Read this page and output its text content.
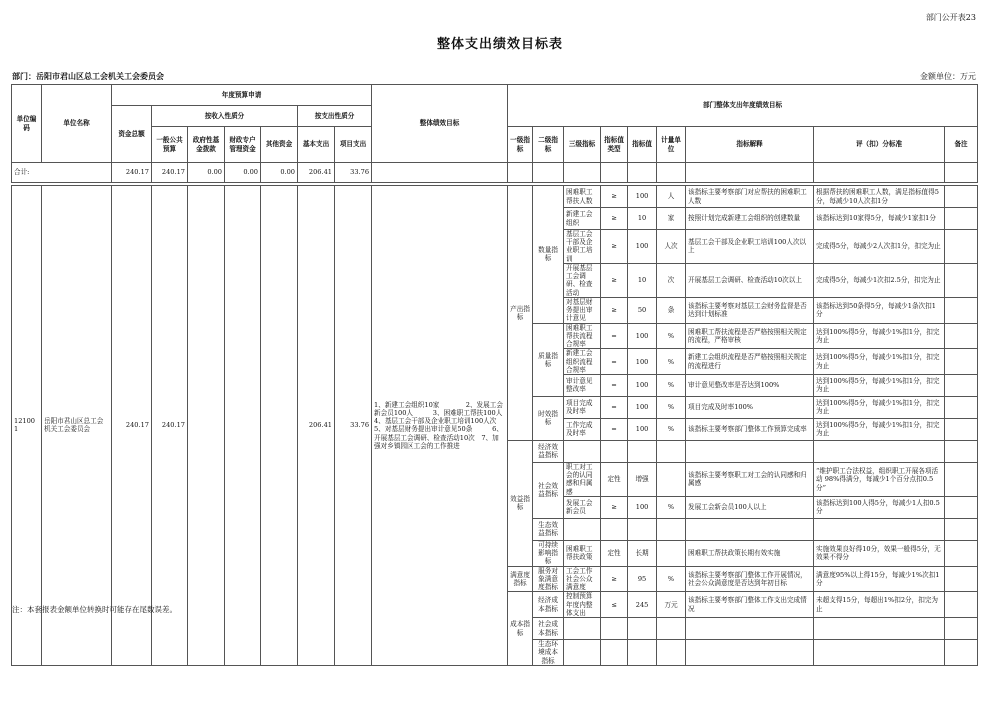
部门公开表23
整体支出绩效目标表
部门：岳阳市君山区总工会机关工会委员会	金额单位：万元
单位编码	单位名称	年度预算申请							整体绩效目标	部门整体支出年度绩效目标								
		资金总额	按收入性质分				按支出性质分											
			一般公共预算	政府性基金拨款	财政专户管理资金	其他资金	基本支出	项目支出		一级指标	二级指标	三级指标	指标值类型	指标值	计量单位	指标解释	评（扣）分标准	备注

合计:		240.17	240.17	0.00	0.00	0.00	206.41	33.76										

121001	岳阳市君山区总工会机关工会委员会	240.17	240.17				206.41	33.76	1、新建工会组织10家　　　　2、发展工会新会员100人　　　3、困难职工帮扶100人　　　4、基层工会干部及企业职工培训100人次　　　5、对基层财务提出审计意见50条　　　6、开展基层工会调研、检查活动10次　7、加强对乡镇园区工会的工作推进	产出指标	数量指标	困难职工帮扶人数	≥	100	人	该指标主要考察部门对应帮扶的困难职工人数	根据帮扶的困难职工人数，满足指标值得5分，每减少10人次扣1分	
												新建工会组织	≥	10	家	按照计划完成新建工会组织的创建数量	该指标达到10家得5分，每减少1家扣1分	
												基层工会干部及企业职工培训	≥	100	人次	基层工会干部及企业职工培训100人次以上	完成得5分，每减少2人次扣1分，扣完为止	
												开展基层工会调研、检查活动	≥	10	次	开展基层工会调研、检查活动10次以上	完成得5分，每减少1次扣2.5分，扣完为止	
												对基层财务提出审计意见	≥	50	条	该指标主要考察对基层工会财务监督是否达到计划标准	该指标达到50条得5分，每减少1条次扣1分	
											质量指标	困难职工帮扶流程合规率	=	100	%	困难职工帮扶流程是否严格按照相关规定的流程，严格审核	达到100%得5分，每减少1%扣1分，扣完为止	
												新建工会组织流程合规率	=	100	%	新建工会组织流程是否严格按照相关规定的流程进行	达到100%得5分，每减少1%扣1分，扣完为止	
												审计意见整改率	=	100	%	审计意见整改率是否达到100%	达到100%得5分，每减少1%扣1分，扣完为止	
											时效指标	项目完成及时率	=	100	%	项目完成及时率100%	达到100%得5分，每减少1%扣1分，扣完为止	
												工作完成及时率	=	100	%	该指标主要考察部门整体工作预算完成率	达到100%得5分，每减少1%扣1分，扣完为止	
										效益指标	经济效益指标							
											社会效益指标	职工对工会的认同感和归属感	定性	增强		该指标主要考察职工对工会的认同感和归属感	“维护职工合法权益，组织职工开展各项活动 98%得满分，每减少1个百分点扣0.5分”	
												发展工会新会员	≥	100	%	发展工会新会员100人以上	该指标达到100人得5分，每减少1人扣0.5分	
											生态效益指标							
											可持续影响指标	困难职工帮扶政策	定性	长期		困难职工帮扶政策长期有效实施	实施效果良好得10分，效果一般得5分，无效果不得分	
										满意度指标	服务对象满意度指标	工会工作社会公众满意度	≥	95	%	该指标主要考察部门整体工作开展情况，社会公众满意度是否达到年初目标	满意度95%以上得15分，每减少1%次扣1分	
										成本指标	经济成本指标	控制预算年度内整体支出	≤	245	万元	该指标主要考察部门整体工作支出完成情况	未超支得15分，每超出1%扣2分，扣完为止	
											社会成本指标							
											生态环境成本指标							
注：本套报表金额单位转换时可能存在尾数误差。
